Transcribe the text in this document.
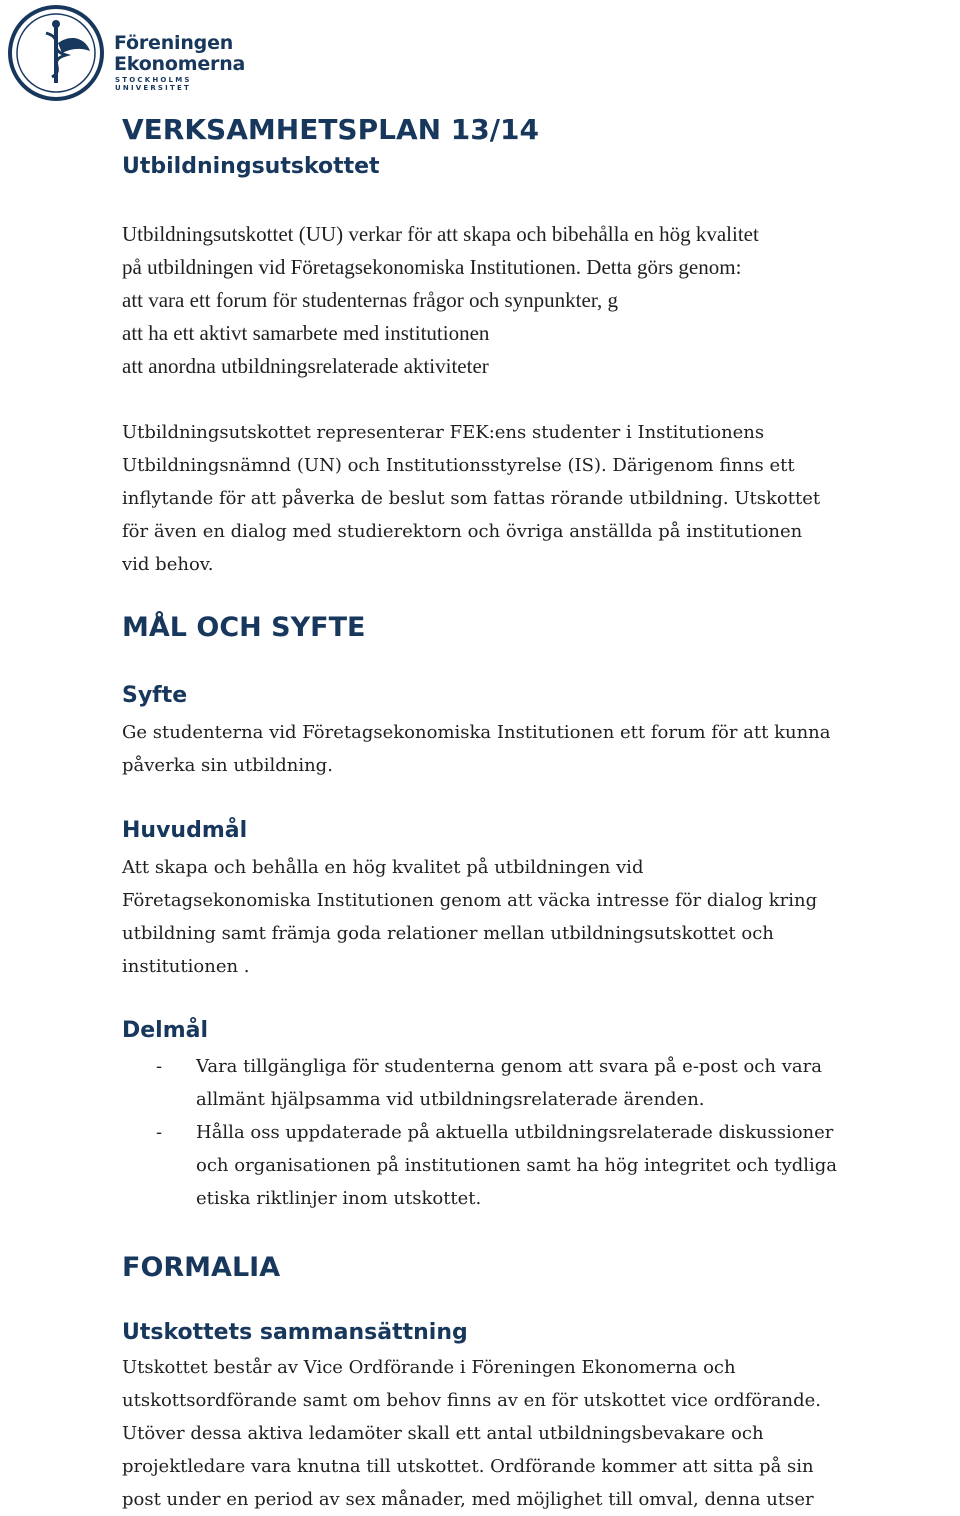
Föreningen
Ekonomerna
STOCKHOLMS UNIVERSITET
VERKSAMHETSPLAN 13/14
Utbildningsutskottet
Utbildningsutskottet (UU) verkar för att skapa och bibehålla en hög kvalitet
på utbildningen vid Företagsekonomiska Institutionen. Detta görs genom:
att vara ett forum för studenternas frågor och synpunkter, g
att ha ett aktivt samarbete med institutionen
att anordna utbildningsrelaterade aktiviteter
Utbildningsutskottet representerar FEK:ens studenter i Institutionens
Utbildningsnämnd (UN) och Institutionsstyrelse (IS). Därigenom finns ett
inflytande för att påverka de beslut som fattas rörande utbildning. Utskottet
för även en dialog med studierektorn och övriga anställda på institutionen
vid behov.
MÅL OCH SYFTE
Syfte
Ge studenterna vid Företagsekonomiska Institutionen ett forum för att kunna
påverka sin utbildning.
Huvudmål
Att skapa och behålla en hög kvalitet på utbildningen vid
Företagsekonomiska Institutionen genom att väcka intresse för dialog kring
utbildning samt främja goda relationer mellan utbildningsutskottet och
institutionen .
Delmål
- Vara tillgängliga för studenterna genom att svara på e-post och vara
allmänt hjälpsamma vid utbildningsrelaterade ärenden.
- Hålla oss uppdaterade på aktuella utbildningsrelaterade diskussioner
och organisationen på institutionen samt ha hög integritet och tydliga
etiska riktlinjer inom utskottet.
FORMALIA
Utskottets sammansättning
Utskottet består av Vice Ordförande i Föreningen Ekonomerna och
utskottsordförande samt om behov finns av en för utskottet vice ordförande.
Utöver dessa aktiva ledamöter skall ett antal utbildningsbevakare och
projektledare vara knutna till utskottet. Ordförande kommer att sitta på sin
post under en period av sex månader, med möjlighet till omval, denna utser
